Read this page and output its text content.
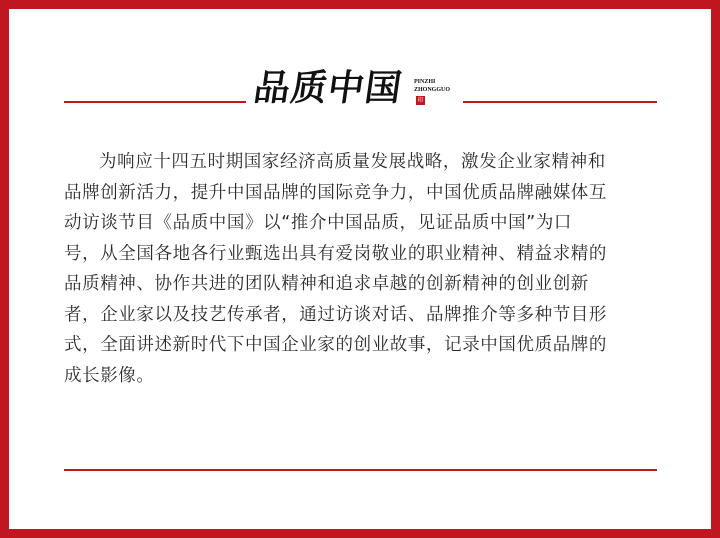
品质中国 PINZHI
ZHONGGUO
印
为响应十四五时期国家经济高质量发展战略，激发企业家精神和
品牌创新活力，提升中国品牌的国际竞争力，中国优质品牌融媒体互
动访谈节目《品质中国》以“推介中国品质，见证品质中国”为口
号，从全国各地各行业甄选出具有爱岗敬业的职业精神、精益求精的
品质精神、协作共进的团队精神和追求卓越的创新精神的创业创新
者，企业家以及技艺传承者，通过访谈对话、品牌推介等多种节目形
式，全面讲述新时代下中国企业家的创业故事，记录中国优质品牌的
成长影像。
